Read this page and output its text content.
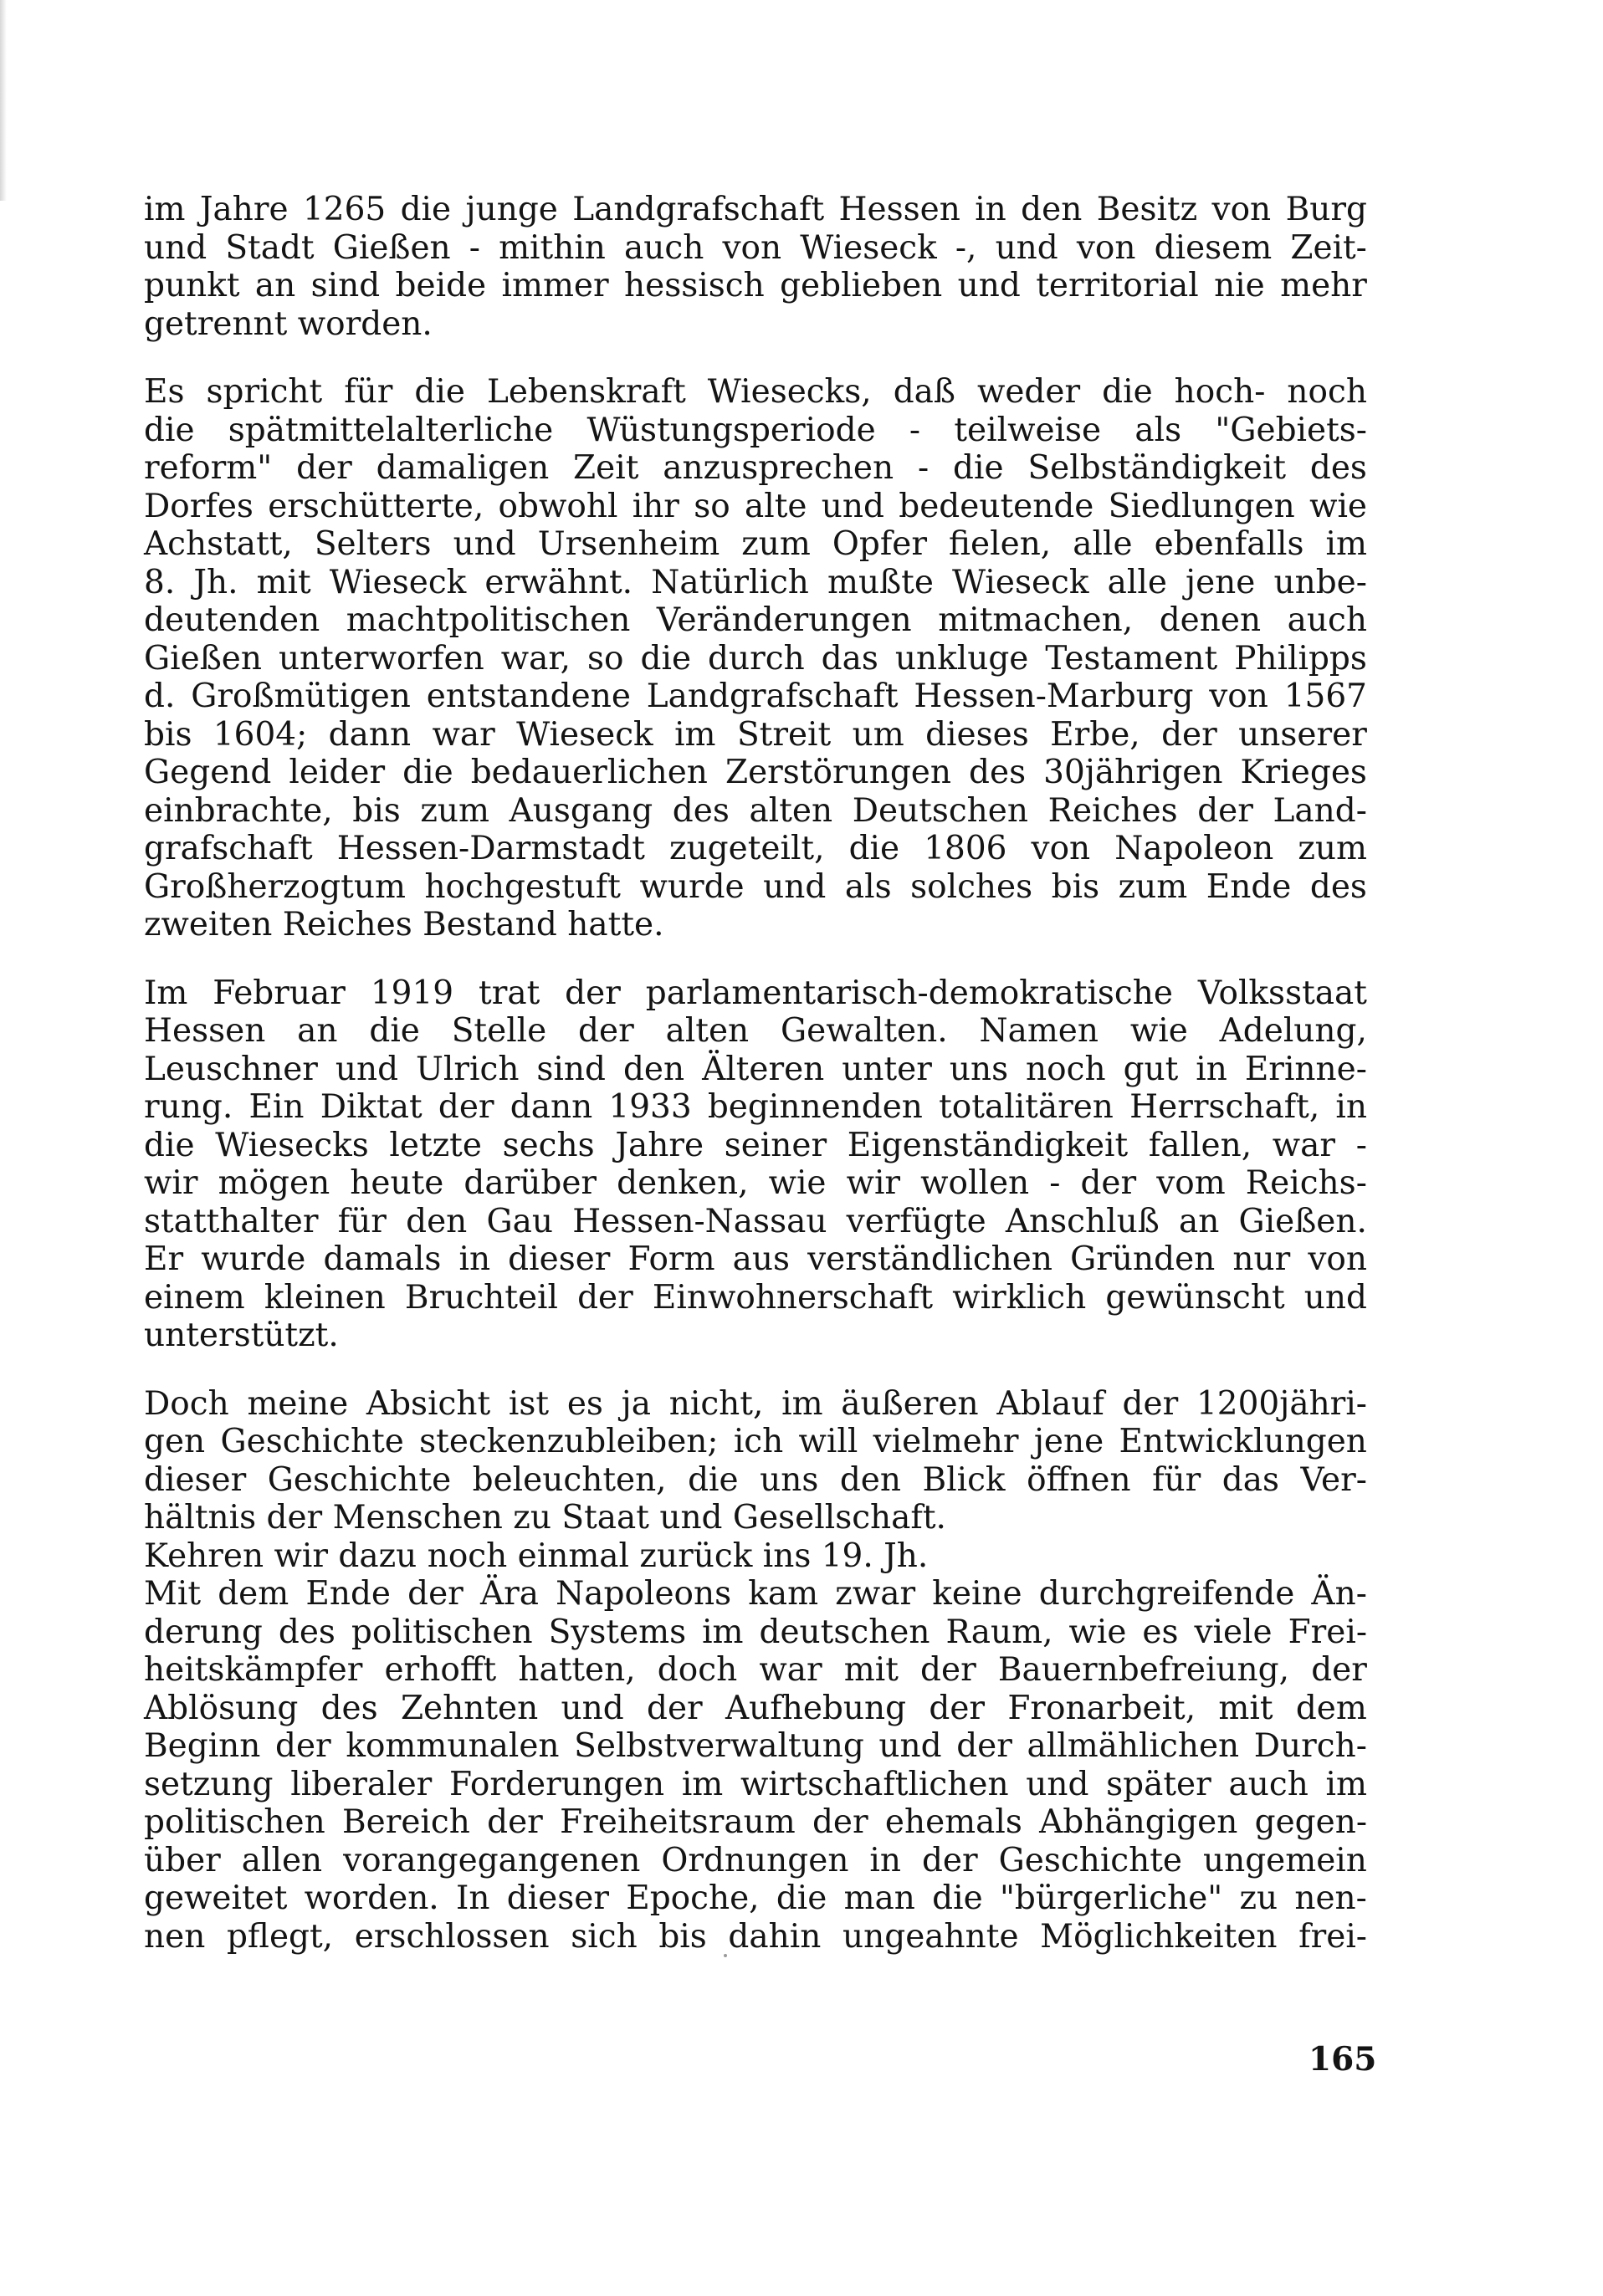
im Jahre 1265 die junge Landgrafschaft Hessen in den Besitz von Burg
und Stadt Gießen - mithin auch von Wieseck -, und von diesem Zeit-
punkt an sind beide immer hessisch geblieben und territorial nie mehr
getrennt worden.
Es spricht für die Lebenskraft Wiesecks, daß weder die hoch- noch
die spätmittelalterliche Wüstungsperiode - teilweise als "Gebiets-
reform" der damaligen Zeit anzusprechen - die Selbständigkeit des
Dorfes erschütterte, obwohl ihr so alte und bedeutende Siedlungen wie
Achstatt, Selters und Ursenheim zum Opfer fielen, alle ebenfalls im
8. Jh. mit Wieseck erwähnt. Natürlich mußte Wieseck alle jene unbe-
deutenden machtpolitischen Veränderungen mitmachen, denen auch
Gießen unterworfen war, so die durch das unkluge Testament Philipps
d. Großmütigen entstandene Landgrafschaft Hessen-Marburg von 1567
bis 1604; dann war Wieseck im Streit um dieses Erbe, der unserer
Gegend leider die bedauerlichen Zerstörungen des 30jährigen Krieges
einbrachte, bis zum Ausgang des alten Deutschen Reiches der Land-
grafschaft Hessen-Darmstadt zugeteilt, die 1806 von Napoleon zum
Großherzogtum hochgestuft wurde und als solches bis zum Ende des
zweiten Reiches Bestand hatte.
Im Februar 1919 trat der parlamentarisch-demokratische Volksstaat
Hessen an die Stelle der alten Gewalten. Namen wie Adelung,
Leuschner und Ulrich sind den Älteren unter uns noch gut in Erinne-
rung. Ein Diktat der dann 1933 beginnenden totalitären Herrschaft, in
die Wiesecks letzte sechs Jahre seiner Eigenständigkeit fallen, war -
wir mögen heute darüber denken, wie wir wollen - der vom Reichs-
statthalter für den Gau Hessen-Nassau verfügte Anschluß an Gießen.
Er wurde damals in dieser Form aus verständlichen Gründen nur von
einem kleinen Bruchteil der Einwohnerschaft wirklich gewünscht und
unterstützt.
Doch meine Absicht ist es ja nicht, im äußeren Ablauf der 1200jähri-
gen Geschichte steckenzubleiben; ich will vielmehr jene Entwicklungen
dieser Geschichte beleuchten, die uns den Blick öffnen für das Ver-
hältnis der Menschen zu Staat und Gesellschaft.
Kehren wir dazu noch einmal zurück ins 19. Jh.
Mit dem Ende der Ära Napoleons kam zwar keine durchgreifende Än-
derung des politischen Systems im deutschen Raum, wie es viele Frei-
heitskämpfer erhofft hatten, doch war mit der Bauernbefreiung, der
Ablösung des Zehnten und der Aufhebung der Fronarbeit, mit dem
Beginn der kommunalen Selbstverwaltung und der allmählichen Durch-
setzung liberaler Forderungen im wirtschaftlichen und später auch im
politischen Bereich der Freiheitsraum der ehemals Abhängigen gegen-
über allen vorangegangenen Ordnungen in der Geschichte ungemein
geweitet worden. In dieser Epoche, die man die "bürgerliche" zu nen-
nen pflegt, erschlossen sich bis dahin ungeahnte Möglichkeiten frei-
165
